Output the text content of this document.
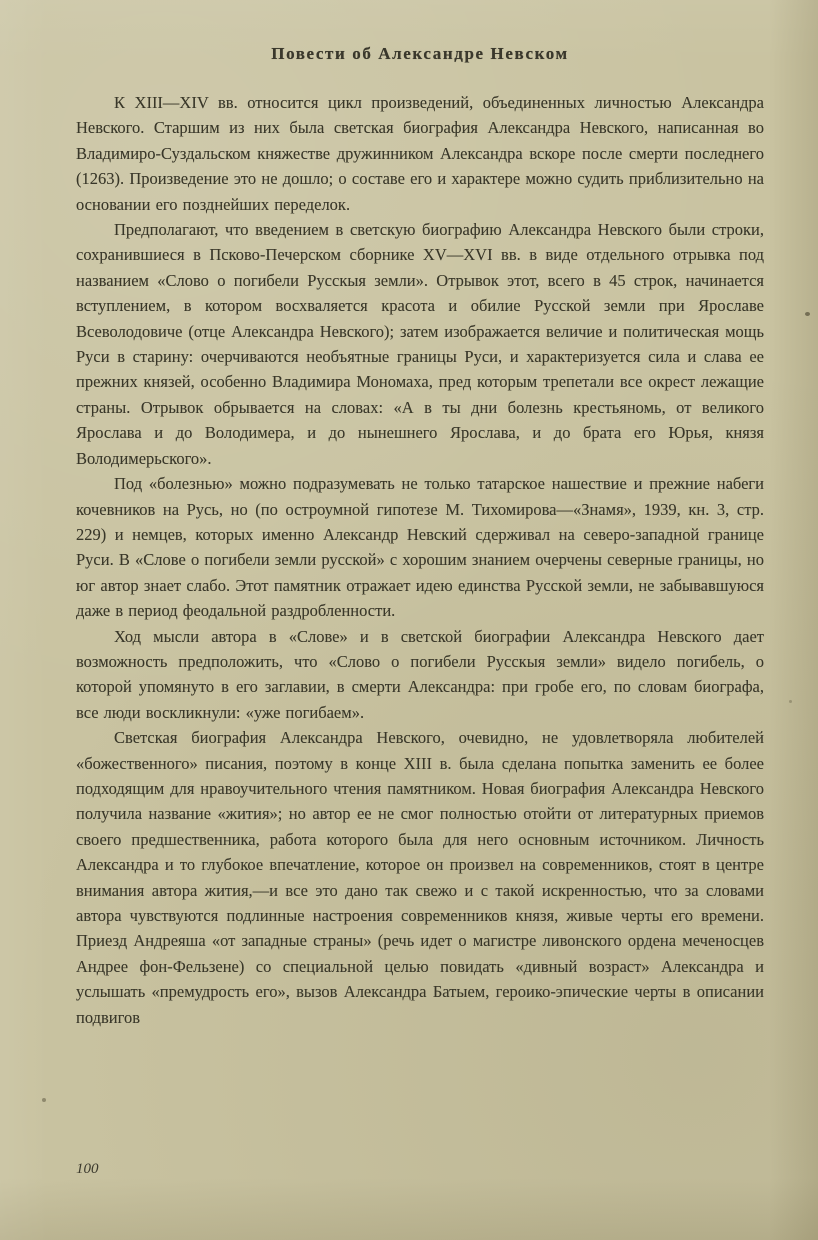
Повести об Александре Невском

К XIII—XIV вв. относится цикл произведений, объединенных личностью Александра Невского. Старшим из них была светская биография Александра Невского, написанная во Владимиро-Суздальском княжестве дружинником Александра вскоре после смерти последнего (1263). Произведение это не дошло; о составе его и характере можно судить приблизительно на основании его позднейших переделок.

Предполагают, что введением в светскую биографию Александра Невского были строки, сохранившиеся в Псково-Печерском сборнике XV—XVI вв. в виде отдельного отрывка под названием «Слово о погибели Русскыя земли». Отрывок этот, всего в 45 строк, начинается вступлением, в котором восхваляется красота и обилие Русской земли при Ярославе Всеволодовиче (отце Александра Невского); затем изображается величие и политическая мощь Руси в старину: очерчиваются необъятные границы Руси, и характеризуется сила и слава ее прежних князей, особенно Владимира Мономаха, пред которым трепетали все окрест лежащие страны. Отрывок обрывается на словах: «А в ты дни болезнь крестьяномь, от великого Ярослава и до Володимера, и до нынешнего Ярослава, и до брата его Юрья, князя Володимерьского».

Под «болезнью» можно подразумевать не только татарское нашествие и прежние набеги кочевников на Русь, но (по остроумной гипотезе М. Тихомирова—«Знамя», 1939, кн. 3, стр. 229) и немцев, которых именно Александр Невский сдерживал на северо-западной границе Руси. В «Слове о погибели земли русской» с хорошим знанием очерчены северные границы, но юг автор знает слабо. Этот памятник отражает идею единства Русской земли, не забывавшуюся даже в период феодальной раздробленности.

Ход мысли автора в «Слове» и в светской биографии Александра Невского дает возможность предположить, что «Слово о погибели Русскыя земли» видело погибель, о которой упомянуто в его заглавии, в смерти Александра: при гробе его, по словам биографа, все люди воскликнули: «уже погибаем».

Светская биография Александра Невского, очевидно, не удовлетворяла любителей «божественного» писания, поэтому в конце XIII в. была сделана попытка заменить ее более подходящим для нравоучительного чтения памятником. Новая биография Александра Невского получила название «жития»; но автор ее не смог полностью отойти от литературных приемов своего предшественника, работа которого была для него основным источником. Личность Александра и то глубокое впечатление, которое он произвел на современников, стоят в центре внимания автора жития,—и все это дано так свежо и с такой искренностью, что за словами автора чувствуются подлинные настроения современников князя, живые черты его времени. Приезд Андреяша «от западные страны» (речь идет о магистре ливонского ордена меченосцев Андрее фон-Фельзене) со специальной целью повидать «дивный возраст» Александра и услышать «премудрость его», вызов Александра Батыем, героико-эпические черты в описании подвигов

100
